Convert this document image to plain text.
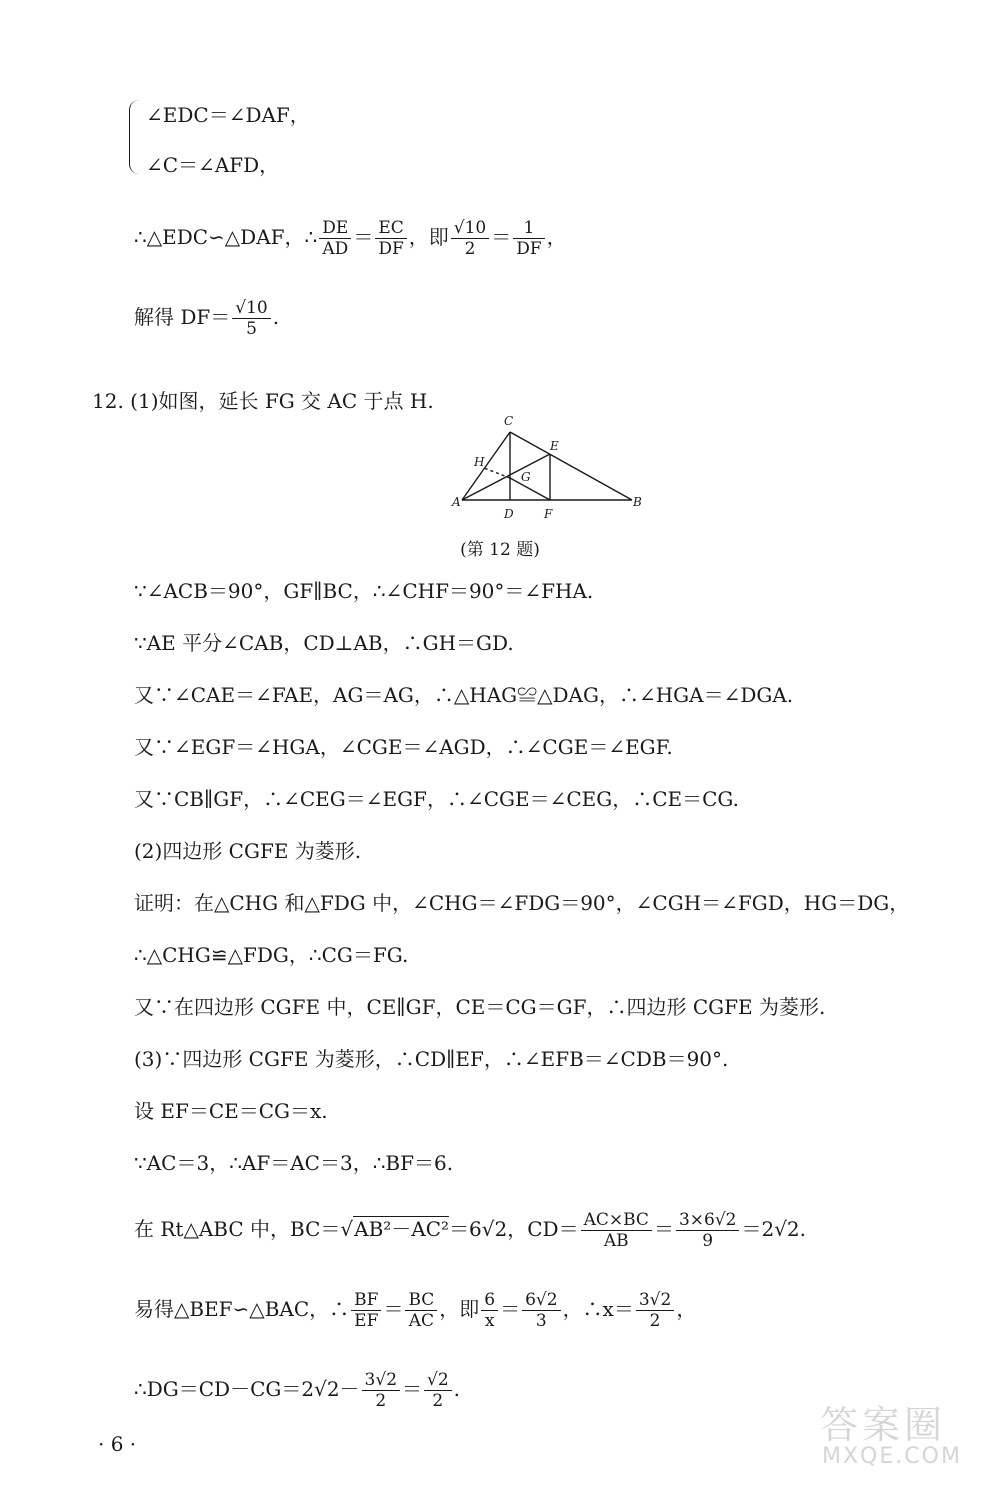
∠EDC＝∠DAF，
∠C＝∠AFD，
∴△EDC∽△DAF，∴ $\frac{DE}{AD} = \frac{EC}{DF}$ ，即 $\frac{√10}{2} = \frac{1}{DF}$ ，
解得 $DF= \frac{√10}{5}$ .
12. (1)如图，延长 FG 交 AC 于点 H.
C
E
H
G
A
D	F
B
(第 12 题)
∵∠ACB＝90°，GF∥BC，∴∠CHF＝90°＝∠FHA.
∵AE 平分∠CAB，CD⊥AB，∴GH＝GD.
又∵∠CAE＝∠FAE，AG＝AG，∴△HAG≌△DAG，∴∠HGA＝∠DGA.
又∵∠EGF＝∠HGA，∠CGE＝∠AGD，∴∠CGE＝∠EGF.
又∵CB∥GF，∴∠CEG＝∠EGF，∴∠CGE＝∠CEG，∴CE＝CG.
(2)四边形 CGFE 为菱形.
证明：在△CHG 和△FDG 中，∠CHG＝∠FDG＝90°，∠CGH＝∠FGD，HG＝DG，
∴△CHG≌△FDG，∴CG＝FG.
又∵在四边形 CGFE 中，CE∥GF，CE＝CG＝GF，∴四边形 CGFE 为菱形.
(3)∵四边形 CGFE 为菱形，∴CD∥EF，∴∠EFB＝∠CDB＝90°.
设 EF＝CE＝CG＝x.
∵AC＝3，∴AF＝AC＝3，∴BF＝6.
在 Rt△ABC 中，BC＝√AB²－AC²＝6√2，$CD= \frac{AC\times BC}{AB} = \frac{3\times 6√2}{9} =2√2$.
易得△BEF∽△BAC，∴ $\frac{BF}{EF} = \frac{BC}{AC}$ ，即 $\frac{6}{x} = \frac{6√2}{3}$ ，∴x＝ $\frac{3√2}{2}$ ，
∴DG＝CD－CG＝2√2－ $\frac{3√2}{2} = \frac{√2}{2}$ .
· 6 ·	答案圈
MXQE.COM
